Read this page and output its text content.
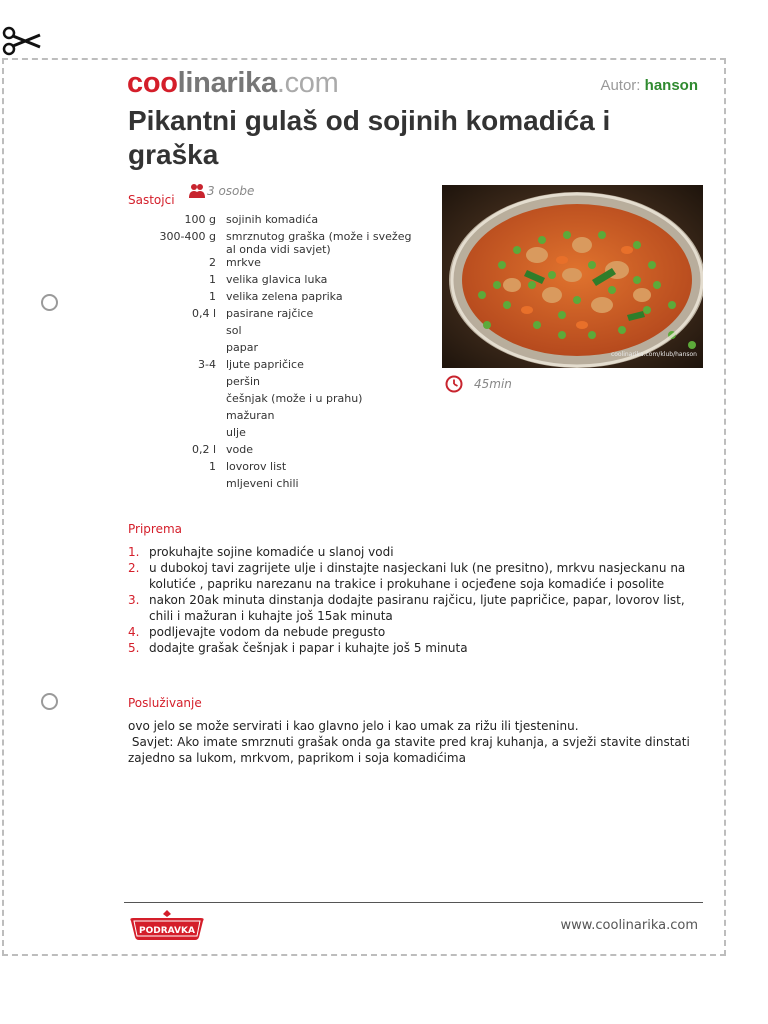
coolinarika.com	Autor: hanson
Pikantni gulaš od sojinih komadića i graška
Sastojci
3 osobe
100 g	sojinih komadića
300-400 g	smrznutog graška (može i svežeg al onda vidi savjet)
2	mrkve
1	velika glavica luka
1	velika zelena paprika
0,4 l	pasirane rajčice
	sol
	papar
3-4	ljute papričice
	peršin
	češnjak (može i u prahu)
	mažuran
	ulje
0,2 l	vode
1	lovorov list
	mljeveni chili
coolinarika.com/klub/hanson
45min
Priprema
1. prokuhajte sojine komadiće u slanoj vodi
2. u dubokoj tavi zagrijete ulje i dinstajte nasjeckani luk (ne presitno), mrkvu nasjeckanu na kolutiće , papriku narezanu na trakice i prokuhane i ocjeđene soja komadiće i posolite
3. nakon 20ak minuta dinstanja dodajte pasiranu rajčicu, ljute papričice, papar, lovorov list, chili i mažuran i kuhajte još 15ak minuta
4. podljevajte vodom da nebude pregusto
5. dodajte grašak češnjak i papar i kuhajte još 5 minuta
Posluživanje

ovo jelo se može servirati i kao glavno jelo i kao umak za rižu ili tjesteninu.
Savjet: Ako imate smrznuti grašak onda ga stavite pred kraj kuhanja, a svježi stavite dinstati zajedno sa lukom, mrkvom, paprikom i soja komadićima

PODRAVKA	www.coolinarika.com
